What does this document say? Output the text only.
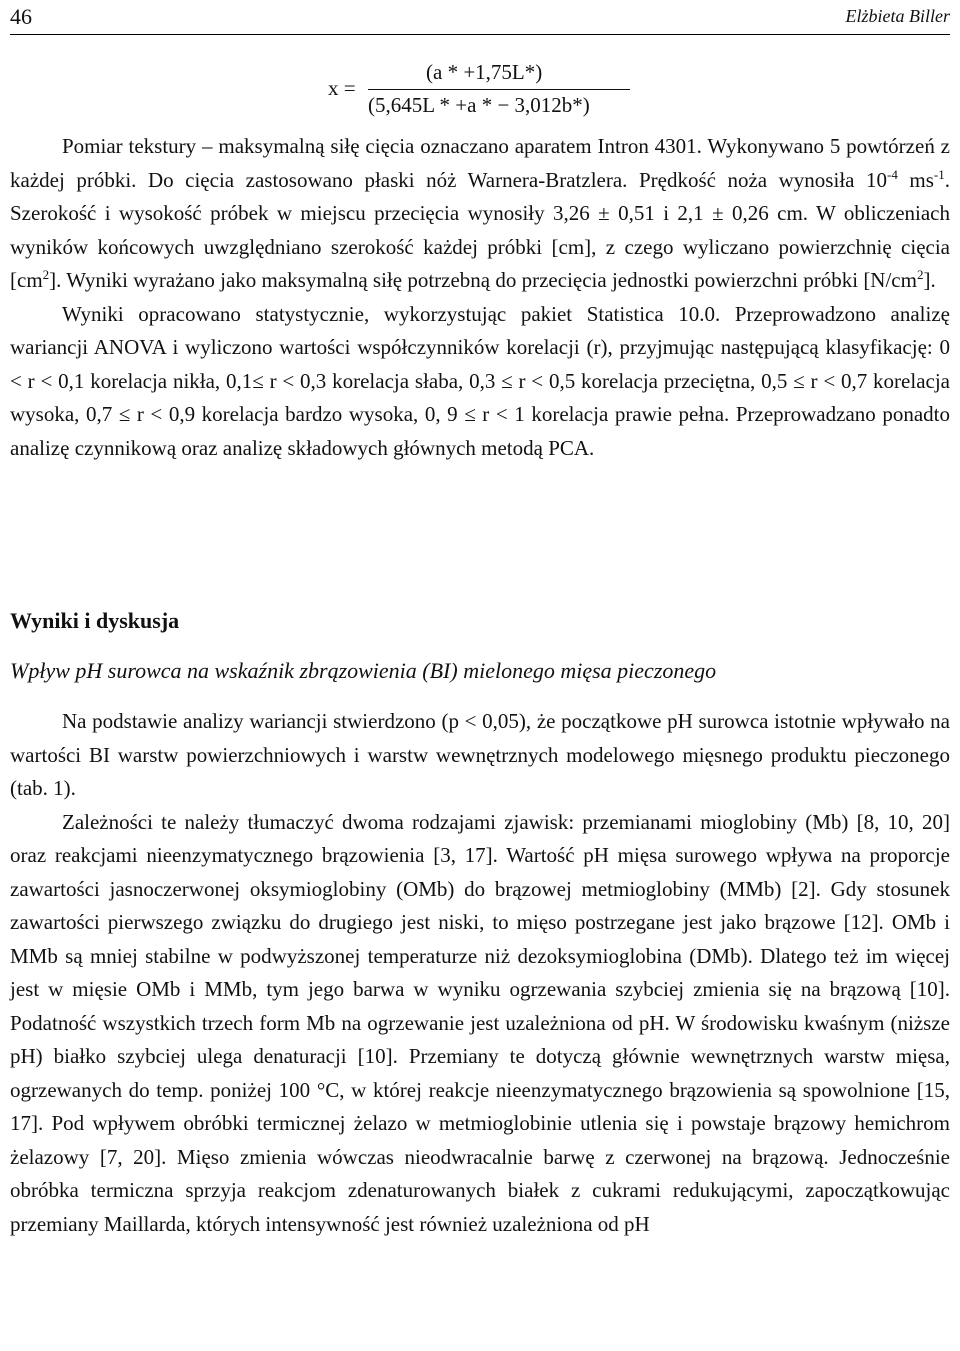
46	Elżbieta Biller
x =
(a * +1,75L*)
(5,645L * +a * − 3,012b*)

Pomiar tekstury – maksymalną siłę cięcia oznaczano aparatem Intron 4301. Wykonywano 5 powtórzeń z każdej próbki. Do cięcia zastosowano płaski nóż Warnera-Bratzlera. Prędkość noża wynosiła $10^{-4}$ $ms^{-1}$. Szerokość i wysokość próbek w miejscu przecięcia wynosiły 3,26 ± 0,51 i 2,1 ± 0,26 cm. W obliczeniach wyników końcowych uwzględniano szerokość każdej próbki [cm], z czego wyliczano powierzchnię cięcia $[cm^2]$. Wyniki wyrażano jako maksymalną siłę potrzebną do przecięcia jednostki powierzchni próbki $[N/cm^2]$.

Wyniki opracowano statystycznie, wykorzystując pakiet Statistica 10.0. Przeprowadzono analizę wariancji ANOVA i wyliczono wartości współczynników korelacji (r), przyjmując następującą klasyfikację: 0 < r < 0,1 korelacja nikła, 0,1≤ r < 0,3 korelacja słaba, 0,3 ≤ r < 0,5 korelacja przeciętna, 0,5 ≤ r < 0,7 korelacja wysoka, 0,7 ≤ r < 0,9 korelacja bardzo wysoka, 0, 9 ≤ r < 1 korelacja prawie pełna. Przeprowadzano ponadto analizę czynnikową oraz analizę składowych głównych metodą PCA.

Wyniki i dyskusja
Wpływ pH surowca na wskaźnik zbrązowienia (BI) mielonego mięsa pieczonego

Na podstawie analizy wariancji stwierdzono (p < 0,05), że początkowe pH surowca istotnie wpływało na wartości BI warstw powierzchniowych i warstw wewnętrznych modelowego mięsnego produktu pieczonego (tab. 1).

Zależności te należy tłumaczyć dwoma rodzajami zjawisk: przemianami mioglobiny (Mb) [8, 10, 20] oraz reakcjami nieenzymatycznego brązowienia [3, 17]. Wartość pH mięsa surowego wpływa na proporcje zawartości jasnoczerwonej oksymioglobiny (OMb) do brązowej metmioglobiny (MMb) [2]. Gdy stosunek zawartości pierwszego związku do drugiego jest niski, to mięso postrzegane jest jako brązowe [12]. OMb i MMb są mniej stabilne w podwyższonej temperaturze niż dezoksymioglobina (DMb). Dlatego też im więcej jest w mięsie OMb i MMb, tym jego barwa w wyniku ogrzewania szybciej zmienia się na brązową [10]. Podatność wszystkich trzech form Mb na ogrzewanie jest uzależniona od pH. W środowisku kwaśnym (niższe pH) białko szybciej ulega denaturacji [10]. Przemiany te dotyczą głównie wewnętrznych warstw mięsa, ogrzewanych do temp. poniżej 100 °C, w której reakcje nieenzymatycznego brązowienia są spowolnione [15, 17]. Pod wpływem obróbki termicznej żelazo w metmioglobinie utlenia się i powstaje brązowy hemichrom żelazowy [7, 20]. Mięso zmienia wówczas nieodwracalnie barwę z czerwonej na brązową. Jednocześnie obróbka termiczna sprzyja reakcjom zdenaturowanych białek z cukrami redukującymi, zapoczątkowując przemiany Maillarda, których intensywność jest również uzależniona od pH
